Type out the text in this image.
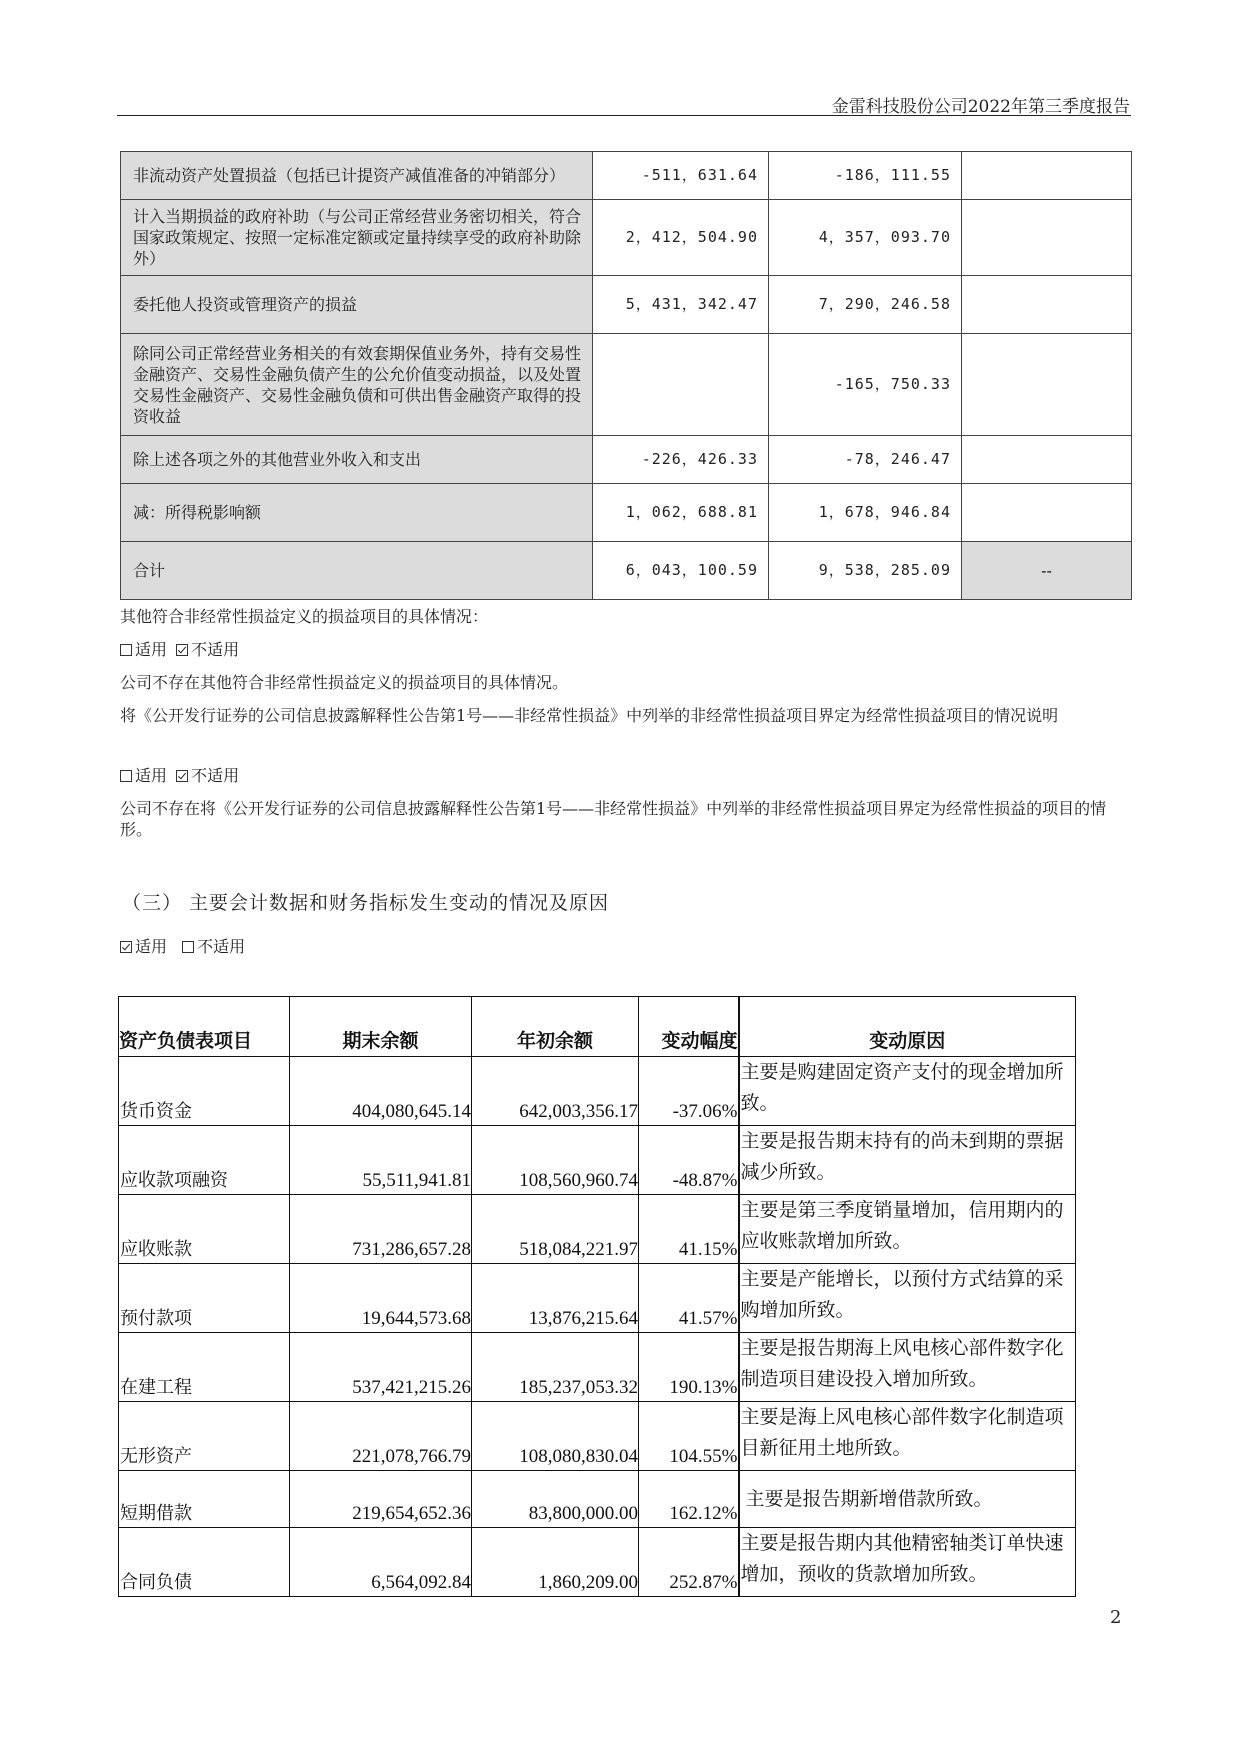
金雷科技股份公司2022年第三季度报告
非流动资产处置损益（包括已计提资产减值准备的冲销部分）	-511，631.64	-186，111.55	
计入当期损益的政府补助（与公司正常经营业务密切相关，符合国家政策规定、按照一定标准定额或定量持续享受的政府补助除外）	2，412，504.90	4，357，093.70	
委托他人投资或管理资产的损益	5，431，342.47	7，290，246.58	
除同公司正常经营业务相关的有效套期保值业务外，持有交易性金融资产、交易性金融负债产生的公允价值变动损益，以及处置交易性金融资产、交易性金融负债和可供出售金融资产取得的投资收益		-165，750.33	
除上述各项之外的其他营业外收入和支出	-226，426.33	-78，246.47	
减：所得税影响额	1，062，688.81	1，678，946.84	
合计	6，043，100.59	9，538，285.09	--
其他符合非经常性损益定义的损益项目的具体情况：
适用 不适用
公司不存在其他符合非经常性损益定义的损益项目的具体情况。
将《公开发行证券的公司信息披露解释性公告第1号——非经常性损益》中列举的非经常性损益项目界定为经常性损益项目的情况说明
适用 不适用
公司不存在将《公开发行证券的公司信息披露解释性公告第1号——非经常性损益》中列举的非经常性损益项目界定为经常性损益的项目的情形。
（三） 主要会计数据和财务指标发生变动的情况及原因
适用 不适用
资产负债表项目	期末余额	年初余额	变动幅度	变动原因
货币资金	404,080,645.14	642,003,356.17	-37.06%	主要是购建固定资产支付的现金增加所致。
应收款项融资	55,511,941.81	108,560,960.74	-48.87%	主要是报告期末持有的尚未到期的票据减少所致。
应收账款	731,286,657.28	518,084,221.97	41.15%	主要是第三季度销量增加，信用期内的应收账款增加所致。
预付款项	19,644,573.68	13,876,215.64	41.57%	主要是产能增长，以预付方式结算的采购增加所致。
在建工程	537,421,215.26	185,237,053.32	190.13%	主要是报告期海上风电核心部件数字化制造项目建设投入增加所致。
无形资产	221,078,766.79	108,080,830.04	104.55%	主要是海上风电核心部件数字化制造项目新征用土地所致。
短期借款	219,654,652.36	83,800,000.00	162.12%	主要是报告期新增借款所致。
合同负债	6,564,092.84	1,860,209.00	252.87%	主要是报告期内其他精密轴类订单快速增加，预收的货款增加所致。
2
